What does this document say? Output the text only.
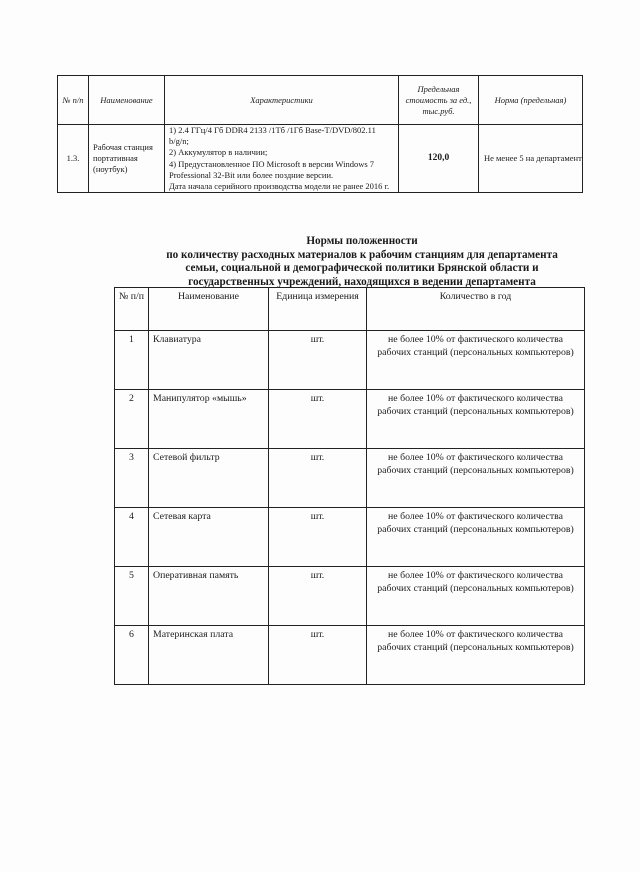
№ п/п	Наименование	Характеристики	Предельная стоимость за ед., тыс.руб.	Норма (предельная)
1.3.	Рабочая станция портативная (ноутбук)	1) 2.4 ГГц/4 Гб DDR4 2133 /1Тб /1Гб Base-T/DVD/802.11 b/g/n;
2) Аккумулятор в наличии;
4) Предустановленное ПО Microsoft в версии Windows 7 Professional 32-Bit или более поздние версии.
Дата начала серийного производства модели не ранее 2016 г.	120,0	Не менее 5 на департамент
Нормы положенности
по количеству расходных материалов к рабочим станциям для департамента
семьи, социальной и демографической политики Брянской области и
государственных учреждений, находящихся в ведении департамента
№ п/п	Наименование	Единица измерения	Количество в год
1	Клавиатура	шт.	не более 10% от фактического количества рабочих станций (персональных компьютеров)
2	Манипулятор «мышь»	шт.	не более 10% от фактического количества рабочих станций (персональных компьютеров)
3	Сетевой фильтр	шт.	не более 10% от фактического количества рабочих станций (персональных компьютеров)
4	Сетевая карта	шт.	не более 10% от фактического количества рабочих станций (персональных компьютеров)
5	Оперативная память	шт.	не более 10% от фактического количества рабочих станций (персональных компьютеров)
6	Материнская плата	шт.	не более 10% от фактического количества рабочих станций (персональных компьютеров)
